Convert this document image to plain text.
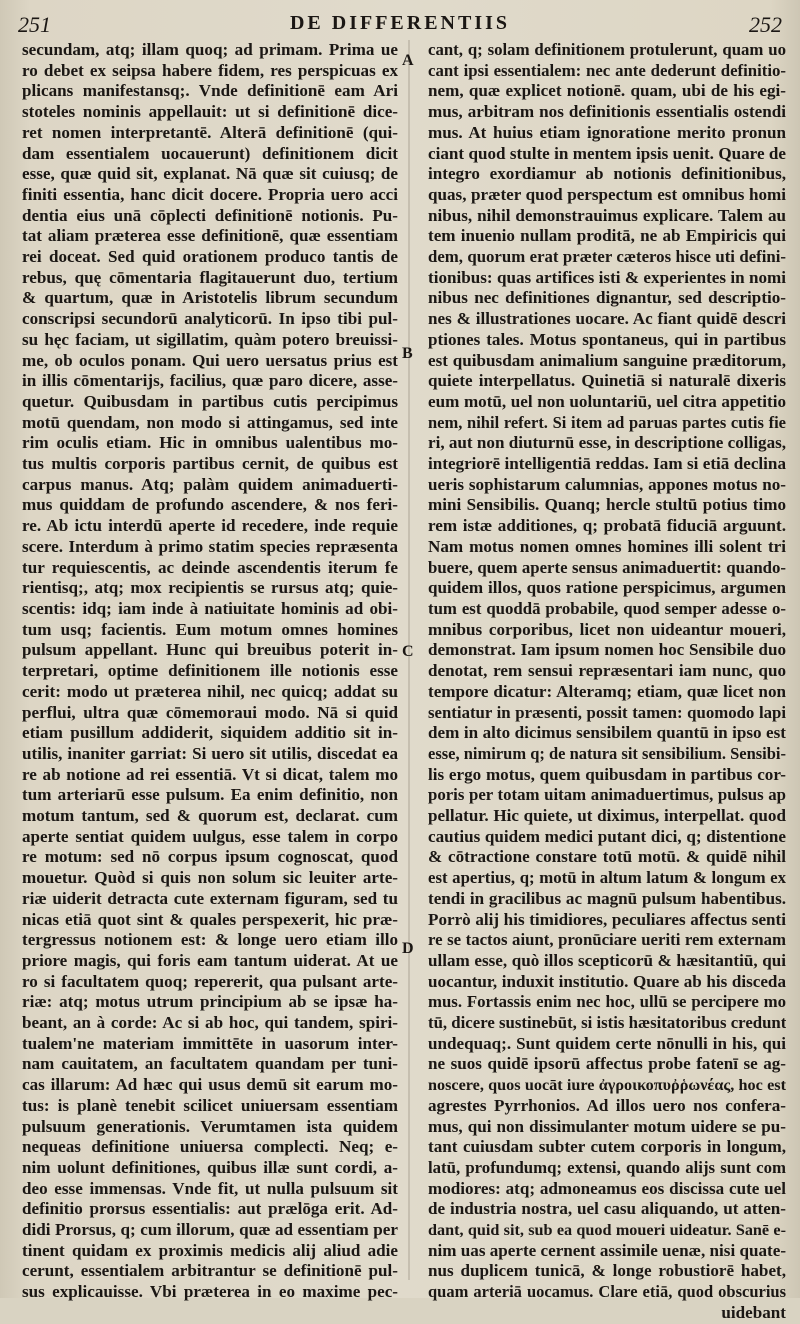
251	DE DIFFERENTIIS	252
A
B
C
D
secundam, atq; illam quoq; ad primam. Prima ue
ro debet ex seipsa habere fidem, res perspicuas ex
plicans manifestansq;. Vnde definitionē eam Ari
stoteles nominis appellauit: ut si definitionē dice-
ret nomen interpretantē. Alterā definitionē (qui-
dam essentialem uocauerunt) definitionem dicit
esse, quæ quid sit, explanat. Nā quæ sit cuiusq; de
finiti essentia, hanc dicit docere. Propria uero acci
dentia eius unā cōplecti definitionē notionis. Pu-
tat aliam præterea esse definitionē, quæ essentiam
rei doceat. Sed quid orationem produco tantis de
rebus, quę cōmentaria flagitauerunt duo, tertium
& quartum, quæ in Aristotelis librum secundum
conscripsi secundorū analyticorū. In ipso tibi pul-
su hęc faciam, ut sigillatim, quàm potero breuissi-
me, ob oculos ponam. Qui uero uersatus prius est
in illis cōmentarijs, facilius, quæ paro dicere, asse-
quetur. Quibusdam in partibus cutis percipimus
motū quendam, non modo si attingamus, sed inte
rim oculis etiam. Hic in omnibus ualentibus mo-
tus multis corporis partibus cernit, de quibus est
carpus manus. Atq; palàm quidem animaduerti-
mus quiddam de profundo ascendere, & nos feri-
re. Ab ictu interdū aperte id recedere, inde requie
scere. Interdum à primo statim species repræsenta
tur requiescentis, ac deinde ascendentis iterum fe
rientisq;, atq; mox recipientis se rursus atq; quie-
scentis: idq; iam inde à natiuitate hominis ad obi-
tum usq; facientis. Eum motum omnes homines
pulsum appellant. Hunc qui breuibus poterit in-
terpretari, optime definitionem ille notionis esse
cerit: modo ut præterea nihil, nec quicq; addat su
perflui, ultra quæ cōmemoraui modo. Nā si quid
etiam pusillum addiderit, siquidem additio sit in-
utilis, inaniter garriat: Si uero sit utilis, discedat ea
re ab notione ad rei essentiā. Vt si dicat, talem mo
tum arteriarū esse pulsum. Ea enim definitio, non
motum tantum, sed & quorum est, declarat. cum
aperte sentiat quidem uulgus, esse talem in corpo
re motum: sed nō corpus ipsum cognoscat, quod
mouetur. Quòd si quis non solum sic leuiter arte-
riæ uiderit detracta cute externam figuram, sed tu
nicas etiā quot sint & quales perspexerit, hic præ-
tergressus notionem est: & longe uero etiam illo
priore magis, qui foris eam tantum uiderat. At ue
ro si facultatem quoq; repererit, qua pulsant arte-
riæ: atq; motus utrum principium ab se ipsæ ha-
beant, an à corde: Ac si ab hoc, qui tandem, spiri-
tualem'ne materiam immittēte in uasorum inter-
nam cauitatem, an facultatem quandam per tuni-
cas illarum: Ad hæc qui usus demū sit earum mo-
tus: is planè tenebit scilicet uniuersam essentiam
pulsuum generationis. Verumtamen ista quidem
nequeas definitione uniuersa complecti. Neq; e-
nim uolunt definitiones, quibus illæ sunt cordi, a-
deo esse immensas. Vnde fit, ut nulla pulsuum sit
definitio prorsus essentialis: aut prælōga erit. Ad-
didi Prorsus, q; cum illorum, quæ ad essentiam per
tinent quidam ex proximis medicis alij aliud adie
cerunt, essentialem arbitrantur se definitionē pul-
sus explicauisse. Vbi præterea in eo maxime pec-
cant, q; solam definitionem protulerunt, quam uo
cant ipsi essentialem: nec ante dederunt definitio-
nem, quæ explicet notionē. quam, ubi de his egi-
mus, arbitram nos definitionis essentialis ostendi
mus. At huius etiam ignoratione merito pronun
ciant quod stulte in mentem ipsis uenit. Quare de
integro exordiamur ab notionis definitionibus,
quas, præter quod perspectum est omnibus homi
nibus, nihil demonstrauimus explicare. Talem au
tem inuenio nullam proditā, ne ab Empiricis qui
dem, quorum erat præter cæteros hisce uti defini-
tionibus: quas artifices isti & experientes in nomi
nibus nec definitiones dignantur, sed descriptio-
nes & illustrationes uocare. Ac fiant quidē descri
ptiones tales. Motus spontaneus, qui in partibus
est quibusdam animalium sanguine præditorum,
quiete interpellatus. Quinetiā si naturalē dixeris
eum motū, uel non uoluntariū, uel citra appetitio
nem, nihil refert. Si item ad paruas partes cutis fie
ri, aut non diuturnū esse, in descriptione colligas,
integriorē intelligentiā reddas. Iam si etiā declina
ueris sophistarum calumnias, appones motus no-
mini Sensibilis. Quanq; hercle stultū potius timo
rem istæ additiones, q; probatā fiduciā arguunt.
Nam motus nomen omnes homines illi solent tri
buere, quem aperte sensus animaduertit: quando-
quidem illos, quos ratione perspicimus, argumen
tum est quoddā probabile, quod semper adesse o-
mnibus corporibus, licet non uideantur moueri,
demonstrat. Iam ipsum nomen hoc Sensibile duo
denotat, rem sensui repræsentari iam nunc, quo
tempore dicatur: Alteramq; etiam, quæ licet non
sentiatur in præsenti, possit tamen: quomodo lapi
dem in alto dicimus sensibilem quantū in ipso est
esse, nimirum q; de natura sit sensibilium. Sensibi-
lis ergo motus, quem quibusdam in partibus cor-
poris per totam uitam animaduertimus, pulsus ap
pellatur. Hic quiete, ut diximus, interpellat. quod
cautius quidem medici putant dici, q; distentione
& cōtractione constare totū motū. & quidē nihil
est apertius, q; motū in altum latum & longum ex
tendi in gracilibus ac magnū pulsum habentibus.
Porrò alij his timidiores, peculiares affectus senti
re se tactos aiunt, pronūciare ueriti rem externam
ullam esse, quò illos scepticorū & hæsitantiū, qui
uocantur, induxit institutio. Quare ab his disceda
mus. Fortassis enim nec hoc, ullū se percipere mo
tū, dicere sustinebūt, si istis hæsitatoribus credunt
undequaq;. Sunt quidem certe nōnulli in his, qui
ne suos quidē ipsorū affectus probe fatenī se ag-
noscere, quos uocāt iure ἀγροικοπυῤῥωνέας, hoc est
agrestes Pyrrhonios. Ad illos uero nos confera-
mus, qui non dissimulanter motum uidere se pu-
tant cuiusdam subter cutem corporis in longum,
latū, profundumq; extensi, quando alijs sunt com
modiores: atq; admoneamus eos discissa cute uel
de industria nostra, uel casu aliquando, ut atten-
dant, quid sit, sub ea quod moueri uideatur. Sanē e-
nim uas aperte cernent assimile uenæ, nisi quate-
nus duplicem tunicā, & longe robustiorē habet,
quam arteriā uocamus. Clare etiā, quod obscurius
uidebant
